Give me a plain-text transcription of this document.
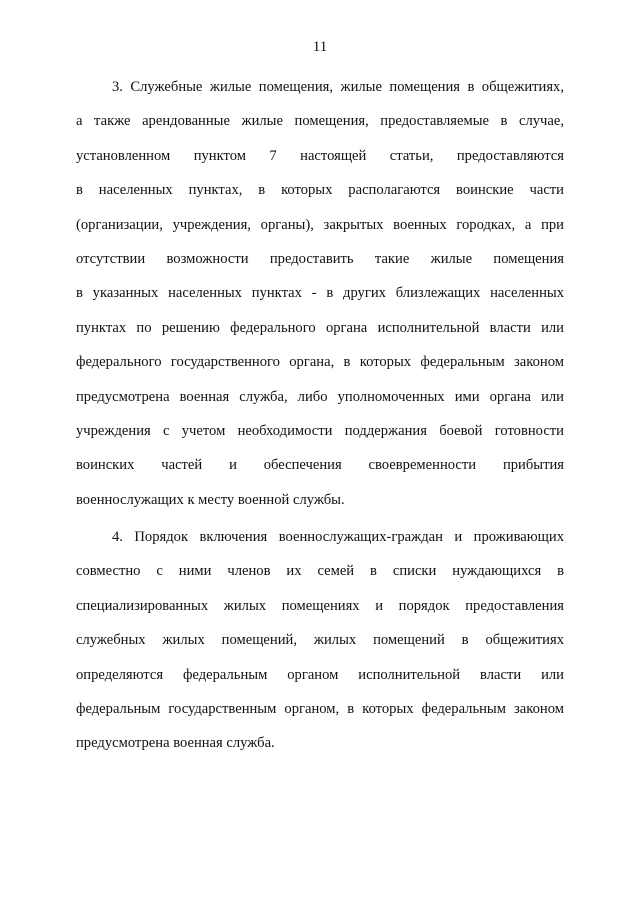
11
3. Служебные жилые помещения, жилые помещения в общежитиях,
а также арендованные жилые помещения, предоставляемые в случае,
установленном пунктом 7 настоящей статьи, предоставляются
в населенных пунктах, в которых располагаются воинские части
(организации, учреждения, органы), закрытых военных городках, а при
отсутствии возможности предоставить такие жилые помещения
в указанных населенных пунктах - в других близлежащих населенных
пунктах по решению федерального органа исполнительной власти или
федерального государственного органа, в которых федеральным законом
предусмотрена военная служба, либо уполномоченных ими органа или
учреждения с учетом необходимости поддержания боевой готовности
воинских частей и обеспечения своевременности прибытия
военнослужащих к месту военной службы.
4. Порядок включения военнослужащих-граждан и проживающих
совместно с ними членов их семей в списки нуждающихся в
специализированных жилых помещениях и порядок предоставления
служебных жилых помещений, жилых помещений в общежитиях
определяются федеральным органом исполнительной власти или
федеральным государственным органом, в которых федеральным законом
предусмотрена военная служба.
